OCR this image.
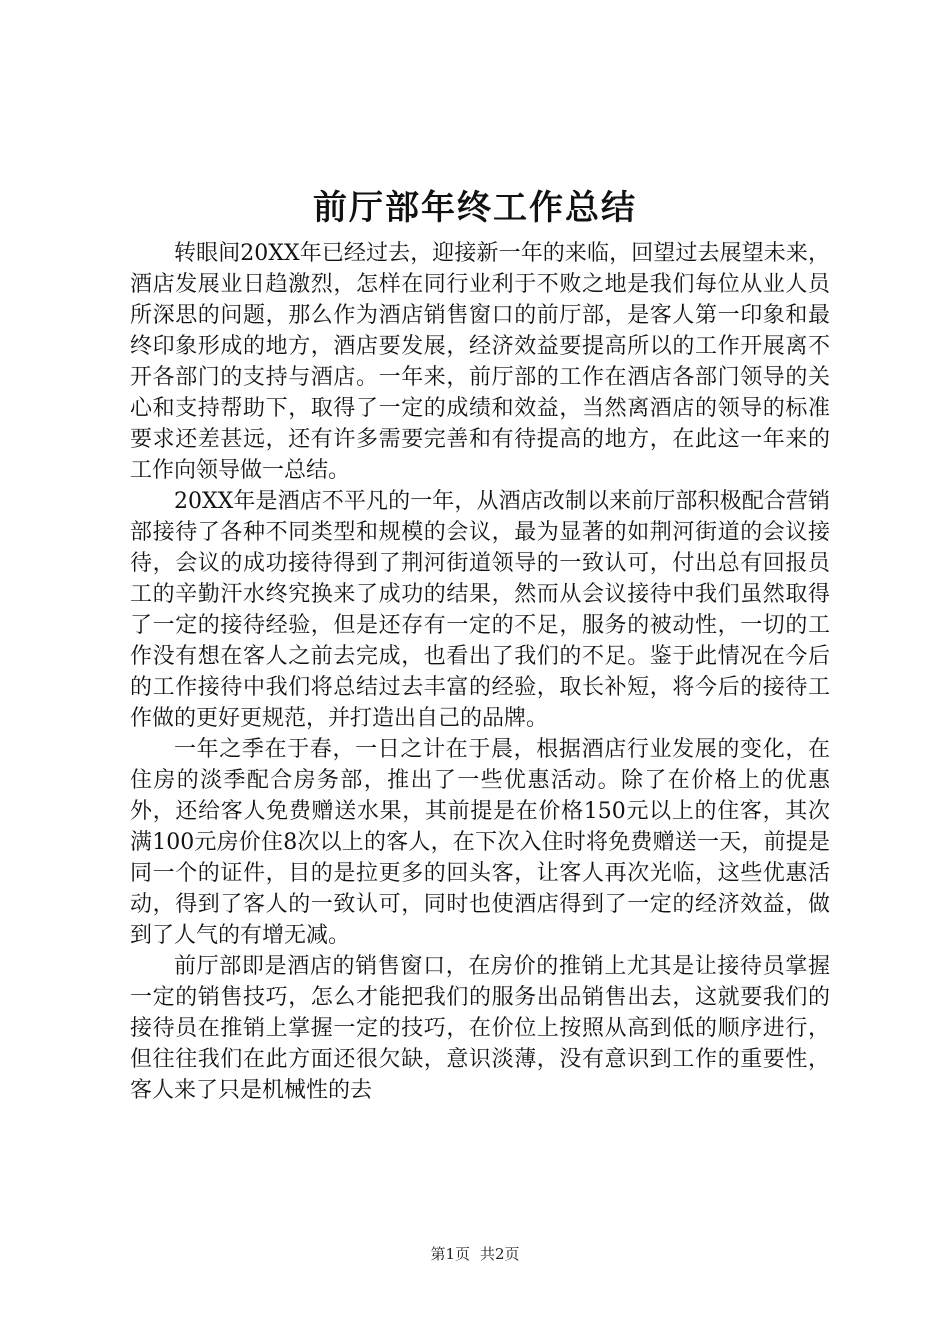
前厅部年终工作总结

转眼间20XX年已经过去，迎接新一年的来临，回望过去展望未来，酒店发展业日趋激烈，怎样在同行业利于不败之地是我们每位从业人员所深思的问题，那么作为酒店销售窗口的前厅部，是客人第一印象和最终印象形成的地方，酒店要发展，经济效益要提高所以的工作开展离不开各部门的支持与酒店。一年来，前厅部的工作在酒店各部门领导的关心和支持帮助下，取得了一定的成绩和效益，当然离酒店的领导的标准要求还差甚远，还有许多需要完善和有待提高的地方，在此这一年来的工作向领导做一总结。

20XX年是酒店不平凡的一年，从酒店改制以来前厅部积极配合营销部接待了各种不同类型和规模的会议，最为显著的如荆河街道的会议接待，会议的成功接待得到了荆河街道领导的一致认可，付出总有回报员工的辛勤汗水终究换来了成功的结果，然而从会议接待中我们虽然取得了一定的接待经验，但是还存有一定的不足，服务的被动性，一切的工作没有想在客人之前去完成，也看出了我们的不足。鉴于此情况在今后的工作接待中我们将总结过去丰富的经验，取长补短，将今后的接待工作做的更好更规范，并打造出自己的品牌。

一年之季在于春，一日之计在于晨，根据酒店行业发展的变化，在住房的淡季配合房务部，推出了一些优惠活动。除了在价格上的优惠外，还给客人免费赠送水果，其前提是在价格150元以上的住客，其次满100元房价住8次以上的客人，在下次入住时将免费赠送一天，前提是同一个的证件，目的是拉更多的回头客，让客人再次光临，这些优惠活动，得到了客人的一致认可，同时也使酒店得到了一定的经济效益，做到了人气的有增无减。

前厅部即是酒店的销售窗口，在房价的推销上尤其是让接待员掌握一定的销售技巧，怎么才能把我们的服务出品销售出去，这就要我们的接待员在推销上掌握一定的技巧，在价位上按照从高到低的顺序进行，但往往我们在此方面还很欠缺，意识淡薄，没有意识到工作的重要性，客人来了只是机械性的去

第1页 共2页
